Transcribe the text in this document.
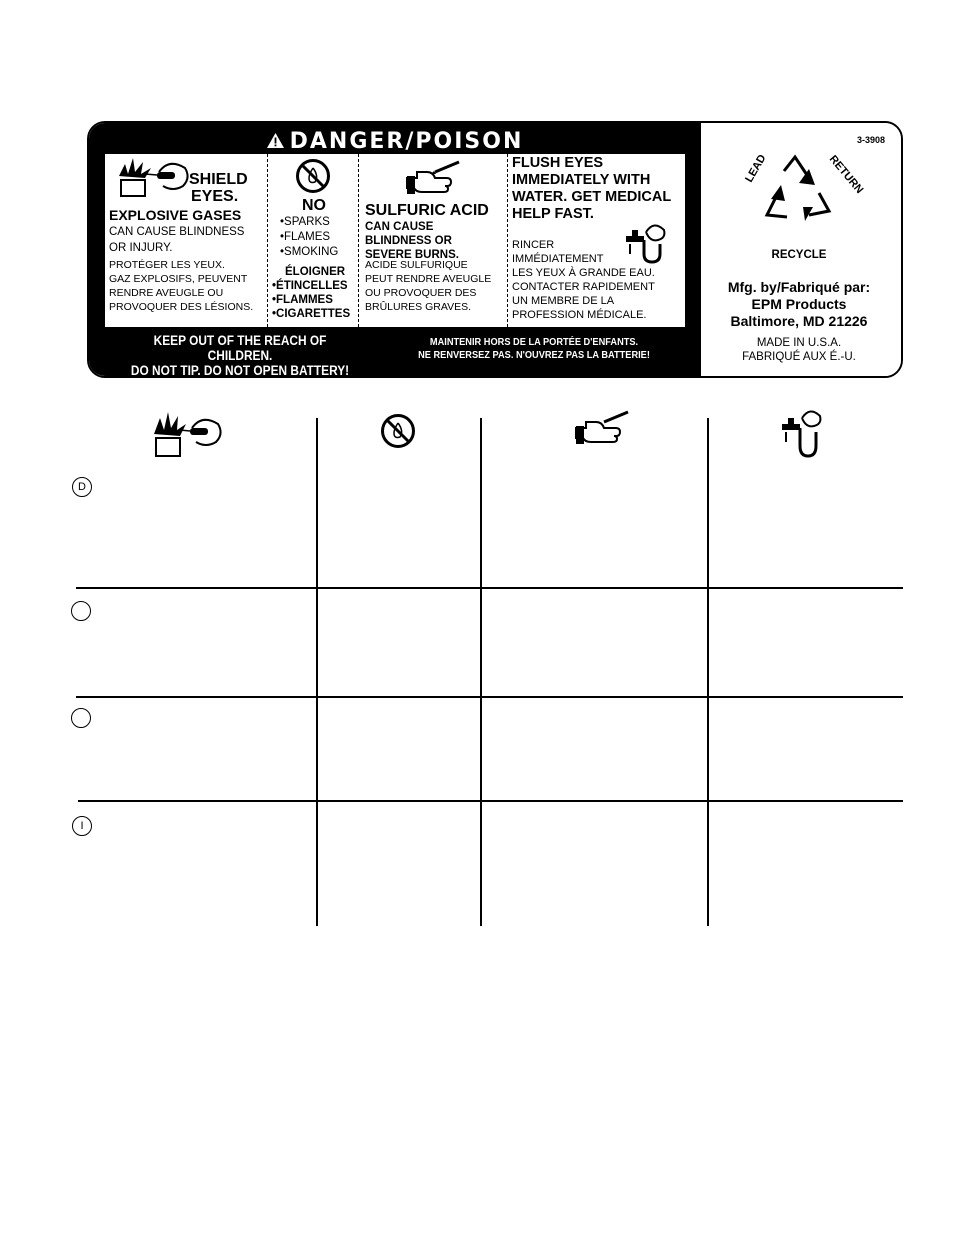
DANGER/POISON
SHIELD
EYES.
EXPLOSIVE GASES
CAN CAUSE BLINDNESS
OR INJURY.
PROTÉGER LES YEUX.
GAZ EXPLOSIFS, PEUVENT
RENDRE AVEUGLE OU
PROVOQUER DES LÉSIONS.
NO
•SPARKS
•FLAMES
•SMOKING
ÉLOIGNER
•ÉTINCELLES
•FLAMMES
•CIGARETTES
SULFURIC ACID
CAN CAUSE
BLINDNESS OR
SEVERE BURNS.
ACIDE SULFURIQUE
PEUT RENDRE AVEUGLE
OU PROVOQUER DES
BRÛLURES GRAVES.
FLUSH EYES
IMMEDIATELY WITH
WATER. GET MEDICAL
HELP FAST.
RINCER
IMMÉDIATEMENT
LES YEUX À GRANDE EAU.
CONTACTER RAPIDEMENT
UN MEMBRE DE LA
PROFESSION MÉDICALE.
KEEP OUT OF THE REACH OF CHILDREN.
DO NOT TIP. DO NOT OPEN BATTERY!
MAINTENIR HORS DE LA PORTÉE D'ENFANTS.
NE RENVERSEZ PAS. N'OUVREZ PAS LA BATTERIE!
3-3908
LEAD	RETURN
RECYCLE
Mfg. by/Fabriqué par:
EPM Products
Baltimore, MD 21226
MADE IN U.S.A.
FABRIQUÉ AUX É.-U.
D
I
